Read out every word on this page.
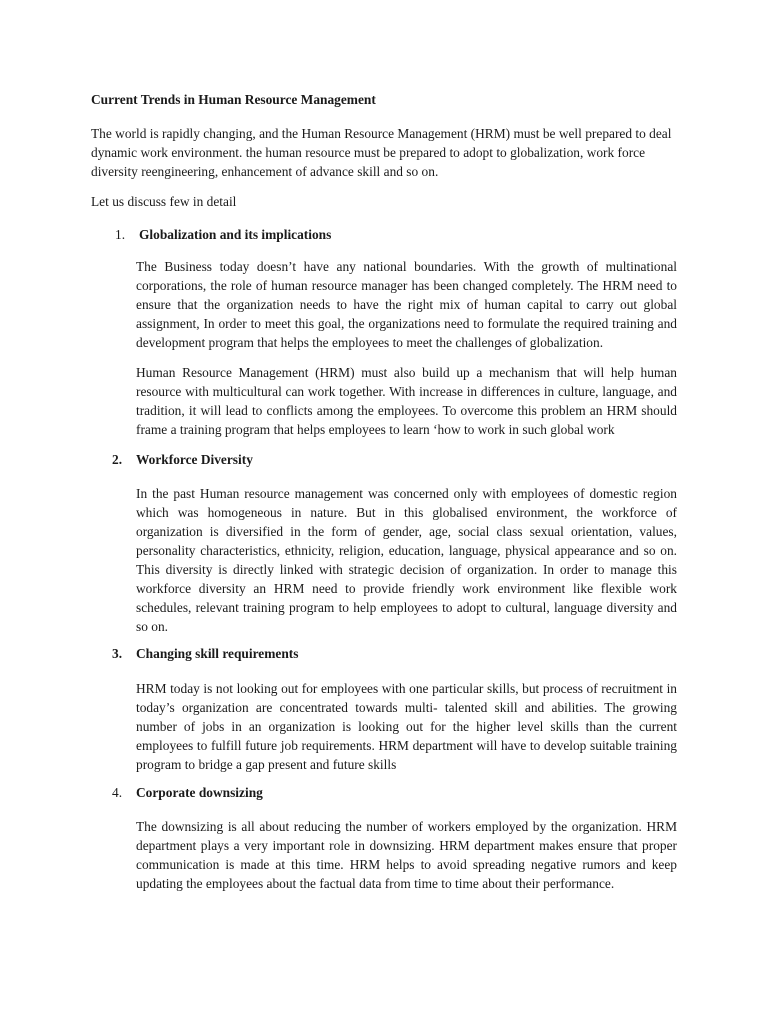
Current Trends in Human Resource Management

The world is rapidly changing, and the Human Resource Management (HRM) must be well prepared to deal dynamic work environment. the human resource must be prepared to adopt to globalization, work force diversity reengineering, enhancement of advance skill and so on.

Let us discuss few in detail

1. Globalization and its implications

The Business today doesn’t have any national boundaries. With the growth of multinational corporations, the role of human resource manager has been changed completely. The HRM need to ensure that the organization needs to have the right mix of human capital to carry out global assignment, In order to meet this goal, the organizations need to formulate the required training and development program that helps the employees to meet the challenges of globalization.

Human Resource Management (HRM) must also build up a mechanism that will help human resource with multicultural can work together. With increase in differences in culture, language, and tradition, it will lead to conflicts among the employees. To overcome this problem an HRM should frame a training program that helps employees to learn ‘how to work in such global work

2. Workforce Diversity

In the past Human resource management was concerned only with employees of domestic region which was homogeneous in nature. But in this globalised environment, the workforce of organization is diversified in the form of gender, age, social class sexual orientation, values, personality characteristics, ethnicity, religion, education, language, physical appearance and so on. This diversity is directly linked with strategic decision of organization. In order to manage this workforce diversity an HRM need to provide friendly work environment like flexible work schedules, relevant training program to help employees to adopt to cultural, language diversity and so on.

3. Changing skill requirements

HRM today is not looking out for employees with one particular skills, but process of recruitment in today’s organization are concentrated towards multi- talented skill and abilities. The growing number of jobs in an organization is looking out for the higher level skills than the current employees to fulfill future job requirements. HRM department will have to develop suitable training program to bridge a gap present and future skills

4. Corporate downsizing

The downsizing is all about reducing the number of workers employed by the organization. HRM department plays a very important role in downsizing. HRM department makes ensure that proper communication is made at this time. HRM helps to avoid spreading negative rumors and keep updating the employees about the factual data from time to time about their performance.
